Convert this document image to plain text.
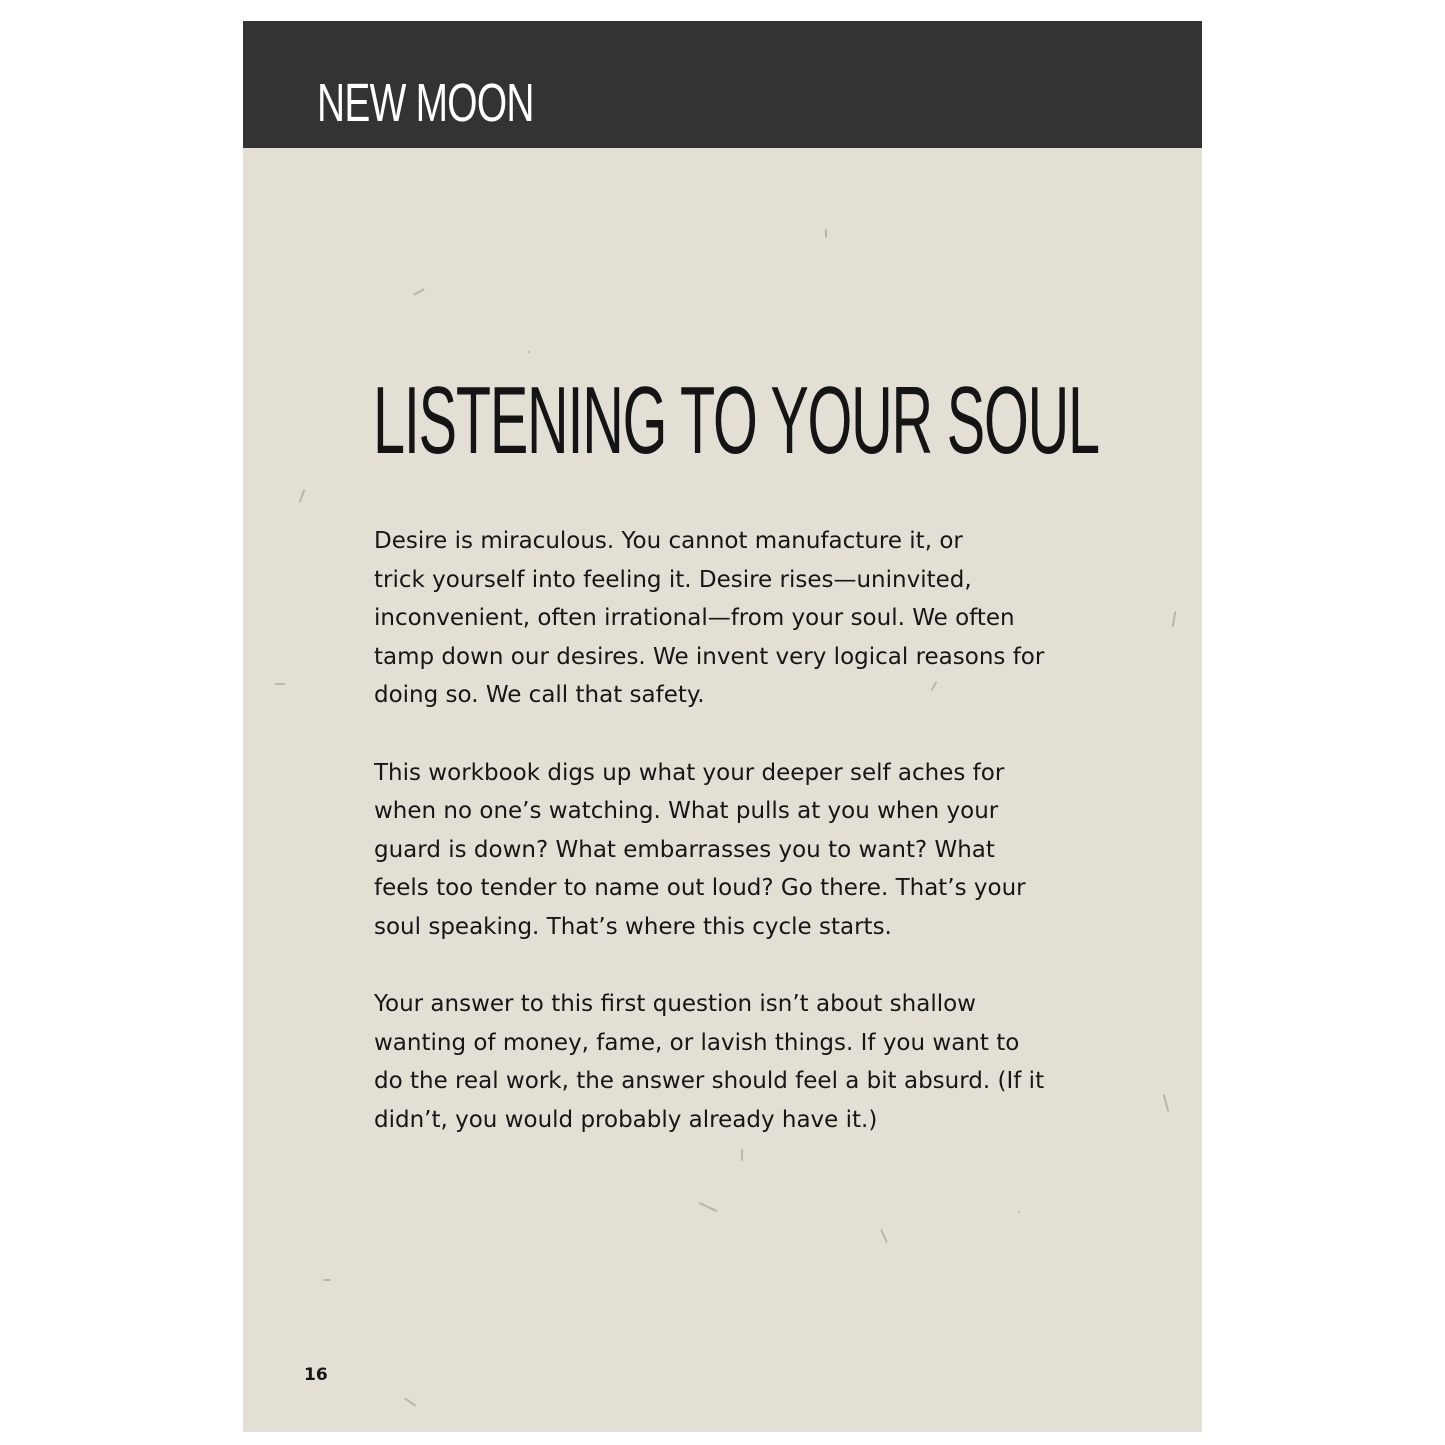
NEW MOON
LISTENING TO YOUR SOUL

Desire is miraculous. You cannot manufacture it, or
trick yourself into feeling it. Desire rises—uninvited,
inconvenient, often irrational—from your soul. We often
tamp down our desires. We invent very logical reasons for
doing so. We call that safety.

This workbook digs up what your deeper self aches for
when no one’s watching. What pulls at you when your
guard is down? What embarrasses you to want? What
feels too tender to name out loud? Go there. That’s your
soul speaking. That’s where this cycle starts.

Your answer to this first question isn’t about shallow
wanting of money, fame, or lavish things. If you want to
do the real work, the answer should feel a bit absurd. (If it
didn’t, you would probably already have it.)

16
